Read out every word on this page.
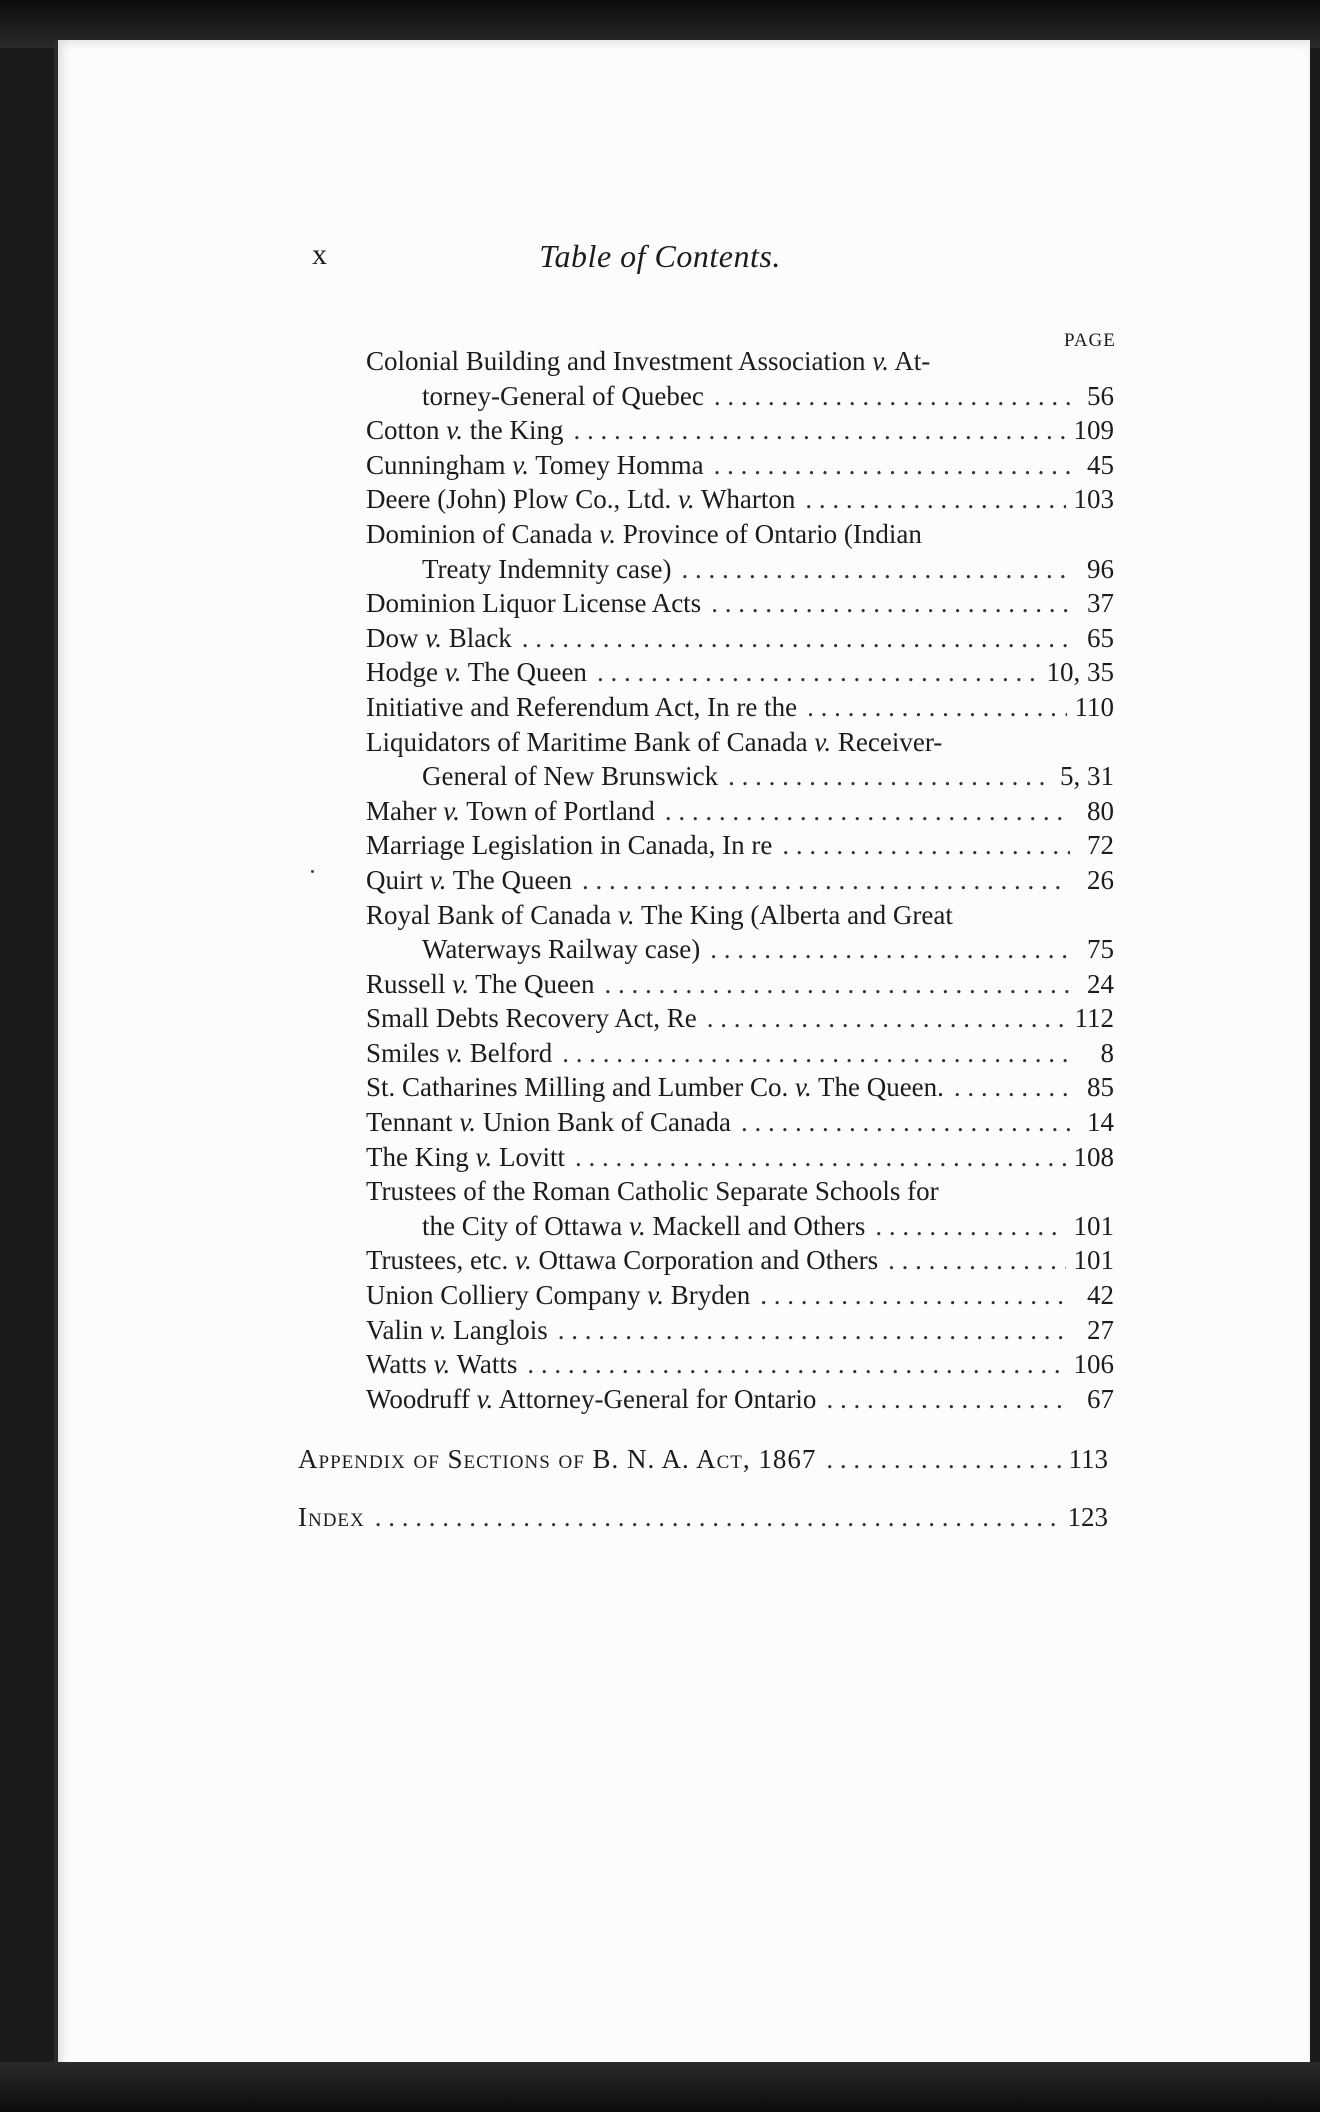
x	Table of Contents.
PAGE
Colonial Building and Investment Association v. At-
torney-General of Quebec . . .	56
Cotton v. the King . . .	109
Cunningham v. Tomey Homma . . .	45
Deere (John) Plow Co., Ltd. v. Wharton . . .	103
Dominion of Canada v. Province of Ontario (Indian
Treaty Indemnity case) . . .	96
Dominion Liquor License Acts . . .	37
Dow v. Black . . .	65
Hodge v. The Queen . . .	10, 35
Initiative and Referendum Act, In re the . . .	110
Liquidators of Maritime Bank of Canada v. Receiver-
General of New Brunswick . . .	5, 31
Maher v. Town of Portland . . .	80
Marriage Legislation in Canada, In re . . .	72
Quirt v. The Queen . . .	26
Royal Bank of Canada v. The King (Alberta and Great
Waterways Railway case) . . .	75
Russell v. The Queen . . .	24
Small Debts Recovery Act, Re . . .	112
Smiles v. Belford . . .	8
St. Catharines Milling and Lumber Co. v. The Queen. . . .	85
Tennant v. Union Bank of Canada . . .	14
The King v. Lovitt . . .	108
Trustees of the Roman Catholic Separate Schools for
the City of Ottawa v. Mackell and Others . . .	101
Trustees, etc. v. Ottawa Corporation and Others . . .	101
Union Colliery Company v. Bryden . . .	42
Valin v. Langlois . . .	27
Watts v. Watts . . .	106
Woodruff v. Attorney-General for Ontario . . .	67
Appendix of Sections of B. N. A. Act, 1867 . . .	113
Index . . .	123
